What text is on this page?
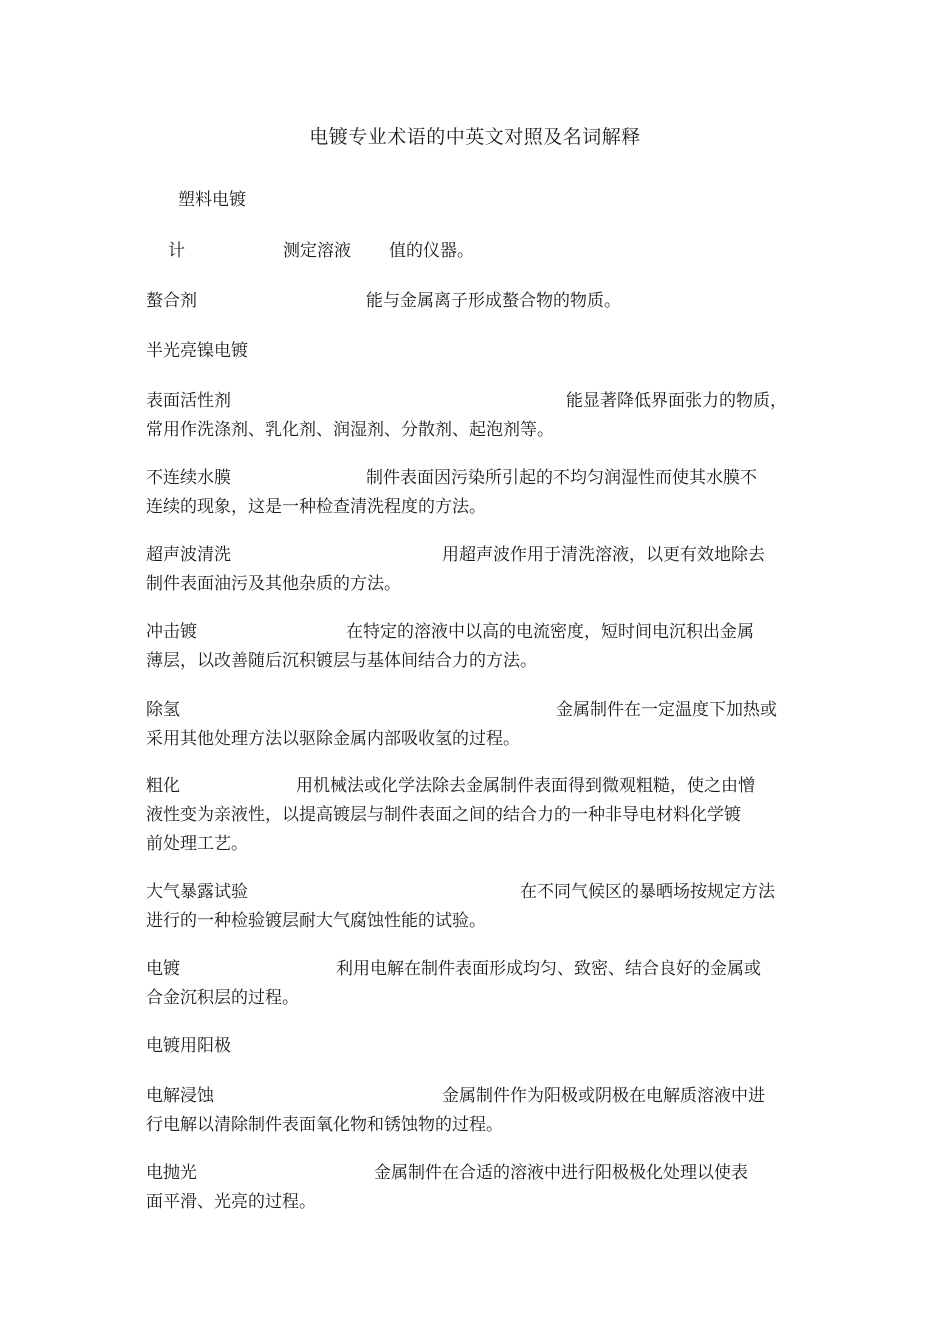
电镀专业术语的中英文对照及名词解释
塑料电镀
计	测定溶液 值的仪器。
螯合剂	能与金属离子形成螯合物的物质。
半光亮镍电镀
表面活性剂	能显著降低界面张力的物质，
常用作洗涤剂、乳化剂、润湿剂、分散剂、起泡剂等。
不连续水膜	制件表面因污染所引起的不均匀润湿性而使其水膜不
连续的现象，这是一种检查清洗程度的方法。
超声波清洗	用超声波作用于清洗溶液，以更有效地除去
制件表面油污及其他杂质的方法。
冲击镀	在特定的溶液中以高的电流密度，短时间电沉积出金属
薄层，以改善随后沉积镀层与基体间结合力的方法。
除氢	金属制件在一定温度下加热或
采用其他处理方法以驱除金属内部吸收氢的过程。
粗化	用机械法或化学法除去金属制件表面得到微观粗糙，使之由憎
液性变为亲液性，以提高镀层与制件表面之间的结合力的一种非导电材料化学镀
前处理工艺。
大气暴露试验	在不同气候区的暴晒场按规定方法
进行的一种检验镀层耐大气腐蚀性能的试验。
电镀	利用电解在制件表面形成均匀、致密、结合良好的金属或
合金沉积层的过程。
电镀用阳极
电解浸蚀	金属制件作为阳极或阴极在电解质溶液中进
行电解以清除制件表面氧化物和锈蚀物的过程。
电抛光	金属制件在合适的溶液中进行阳极极化处理以使表
面平滑、光亮的过程。
